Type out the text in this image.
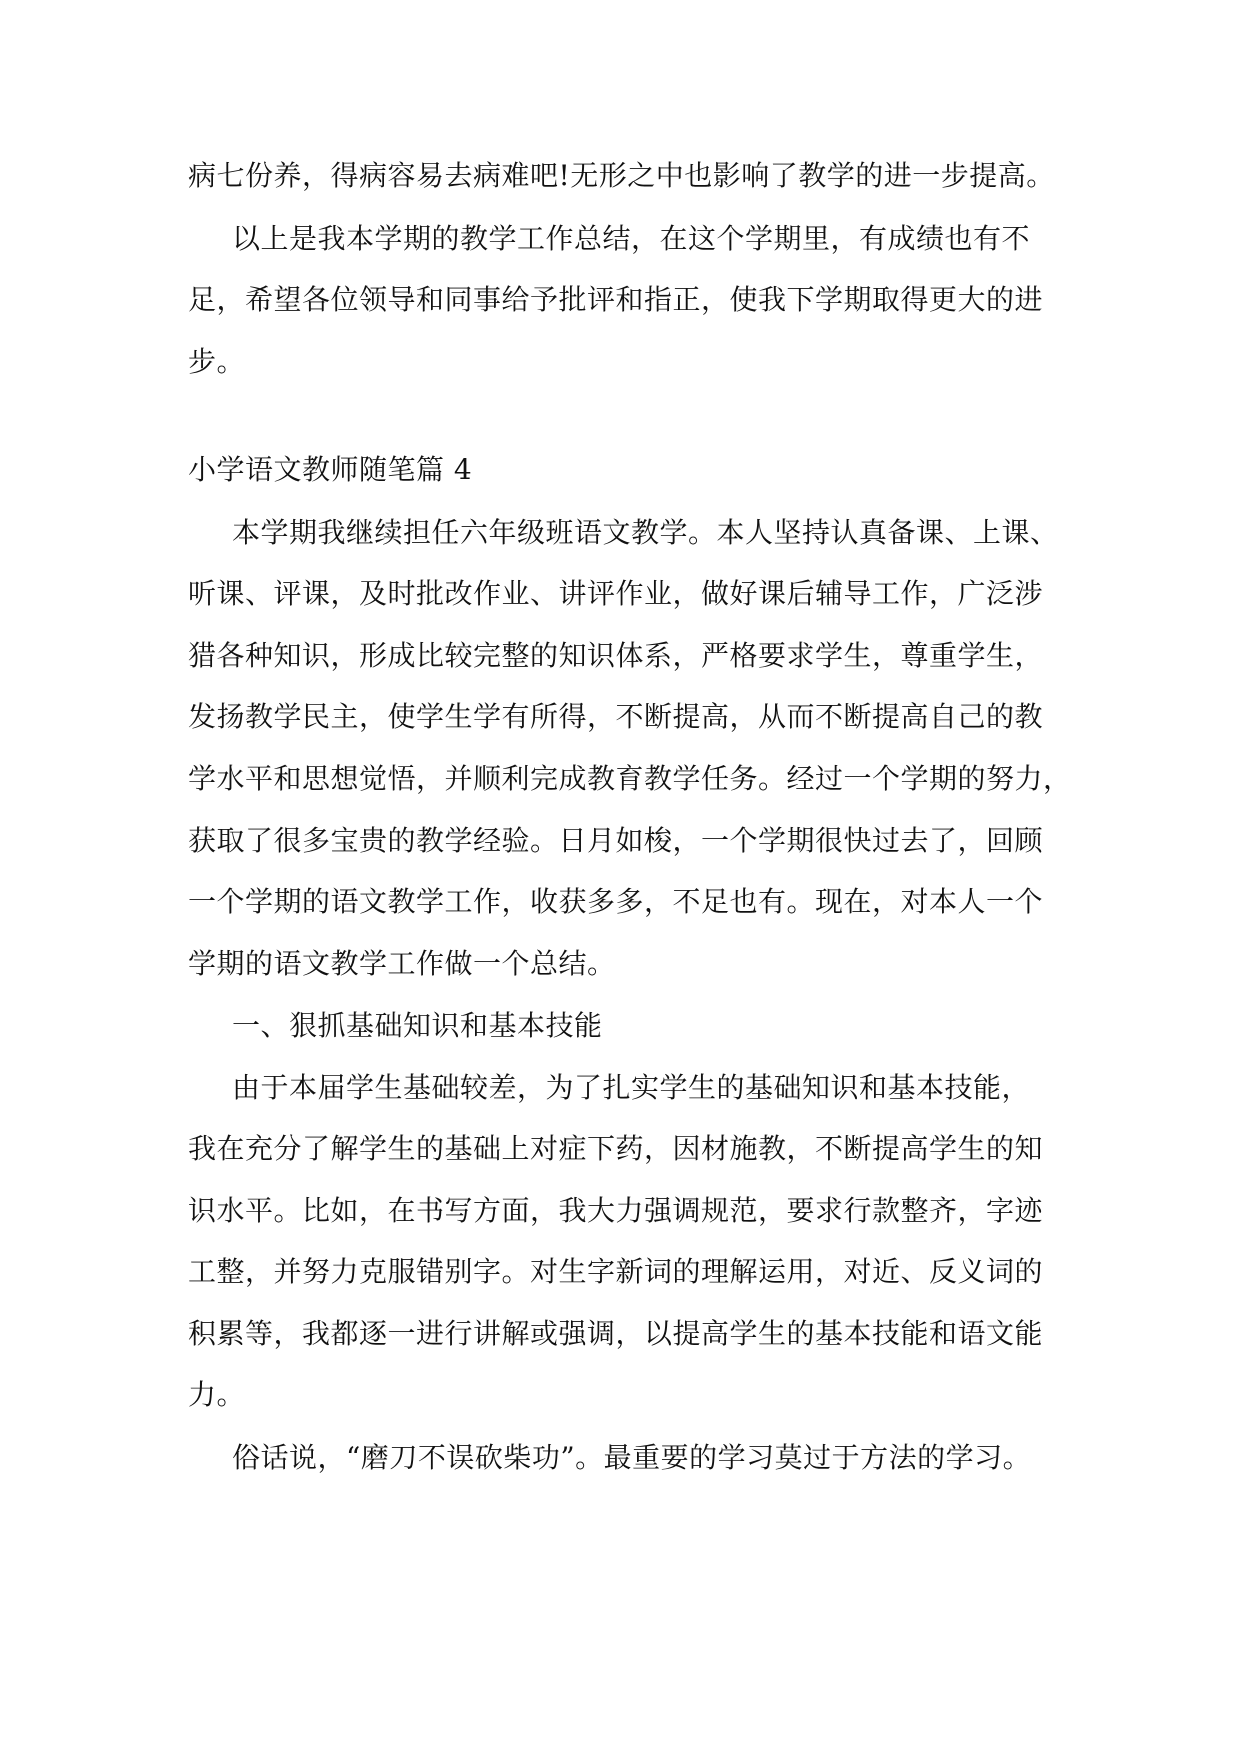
病七份养，得病容易去病难吧!无形之中也影响了教学的进一步提高。
以上是我本学期的教学工作总结，在这个学期里，有成绩也有不
足，希望各位领导和同事给予批评和指正，使我下学期取得更大的进
步。
小学语文教师随笔篇 4
本学期我继续担任六年级班语文教学。本人坚持认真备课、上课、
听课、评课，及时批改作业、讲评作业，做好课后辅导工作，广泛涉
猎各种知识，形成比较完整的知识体系，严格要求学生，尊重学生，
发扬教学民主，使学生学有所得，不断提高，从而不断提高自己的教
学水平和思想觉悟，并顺利完成教育教学任务。经过一个学期的努力，
获取了很多宝贵的教学经验。日月如梭，一个学期很快过去了，回顾
一个学期的语文教学工作，收获多多，不足也有。现在，对本人一个
学期的语文教学工作做一个总结。
一、狠抓基础知识和基本技能
由于本届学生基础较差，为了扎实学生的基础知识和基本技能，
我在充分了解学生的基础上对症下药，因材施教，不断提高学生的知
识水平。比如，在书写方面，我大力强调规范，要求行款整齐，字迹
工整，并努力克服错别字。对生字新词的理解运用，对近、反义词的
积累等，我都逐一进行讲解或强调，以提高学生的基本技能和语文能
力。
俗话说，“磨刀不误砍柴功”。最重要的学习莫过于方法的学习。
